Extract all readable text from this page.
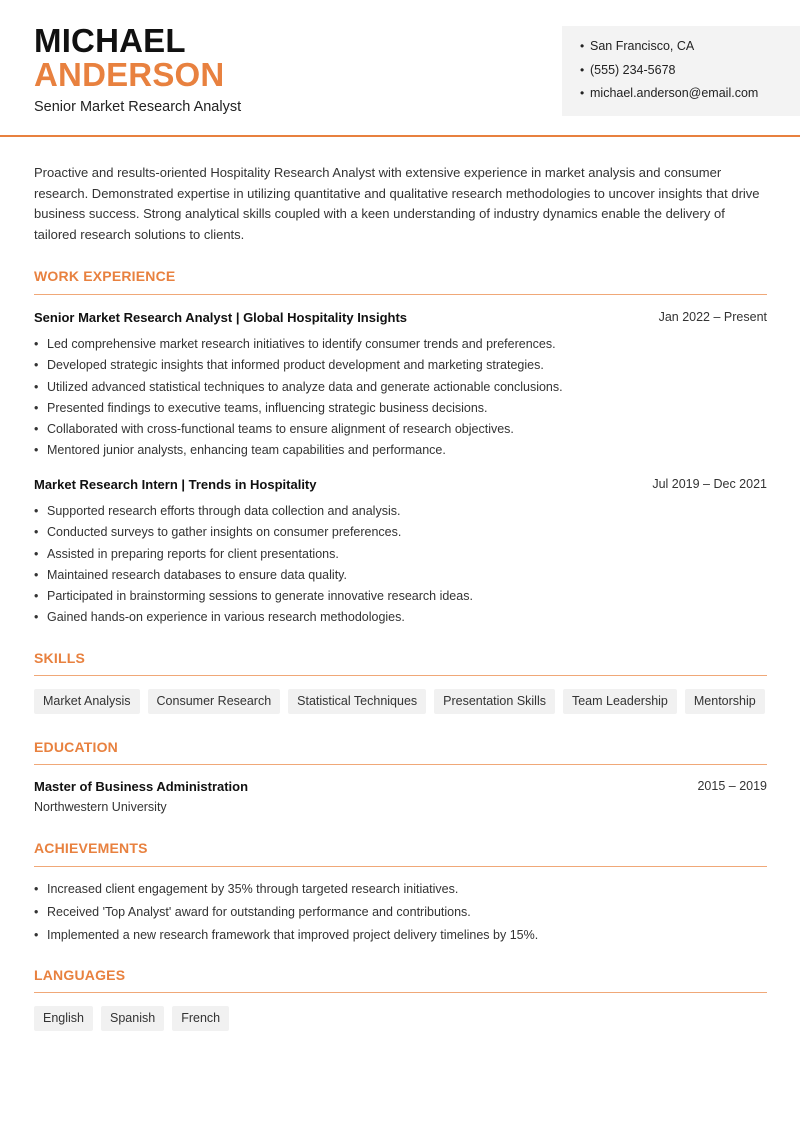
MICHAEL
ANDERSON
Senior Market Research Analyst
• San Francisco, CA
• (555) 234-5678
• michael.anderson@email.com

Proactive and results-oriented Hospitality Research Analyst with extensive experience in market analysis and consumer research. Demonstrated expertise in utilizing quantitative and qualitative research methodologies to uncover insights that drive business success. Strong analytical skills coupled with a keen understanding of industry dynamics enable the delivery of tailored research solutions to clients.

WORK EXPERIENCE
Senior Market Research Analyst | Global Hospitality Insights	Jan 2022 – Present
• Led comprehensive market research initiatives to identify consumer trends and preferences.
• Developed strategic insights that informed product development and marketing strategies.
• Utilized advanced statistical techniques to analyze data and generate actionable conclusions.
• Presented findings to executive teams, influencing strategic business decisions.
• Collaborated with cross-functional teams to ensure alignment of research objectives.
• Mentored junior analysts, enhancing team capabilities and performance.
Market Research Intern | Trends in Hospitality	Jul 2019 – Dec 2021
• Supported research efforts through data collection and analysis.
• Conducted surveys to gather insights on consumer preferences.
• Assisted in preparing reports for client presentations.
• Maintained research databases to ensure data quality.
• Participated in brainstorming sessions to generate innovative research ideas.
• Gained hands-on experience in various research methodologies.
SKILLS
Market Analysis	Consumer Research	Statistical Techniques	Presentation Skills	Team Leadership	Mentorship
EDUCATION
Master of Business Administration	2015 – 2019
Northwestern University
ACHIEVEMENTS
• Increased client engagement by 35% through targeted research initiatives.
• Received 'Top Analyst' award for outstanding performance and contributions.
• Implemented a new research framework that improved project delivery timelines by 15%.
LANGUAGES
English	Spanish	French
